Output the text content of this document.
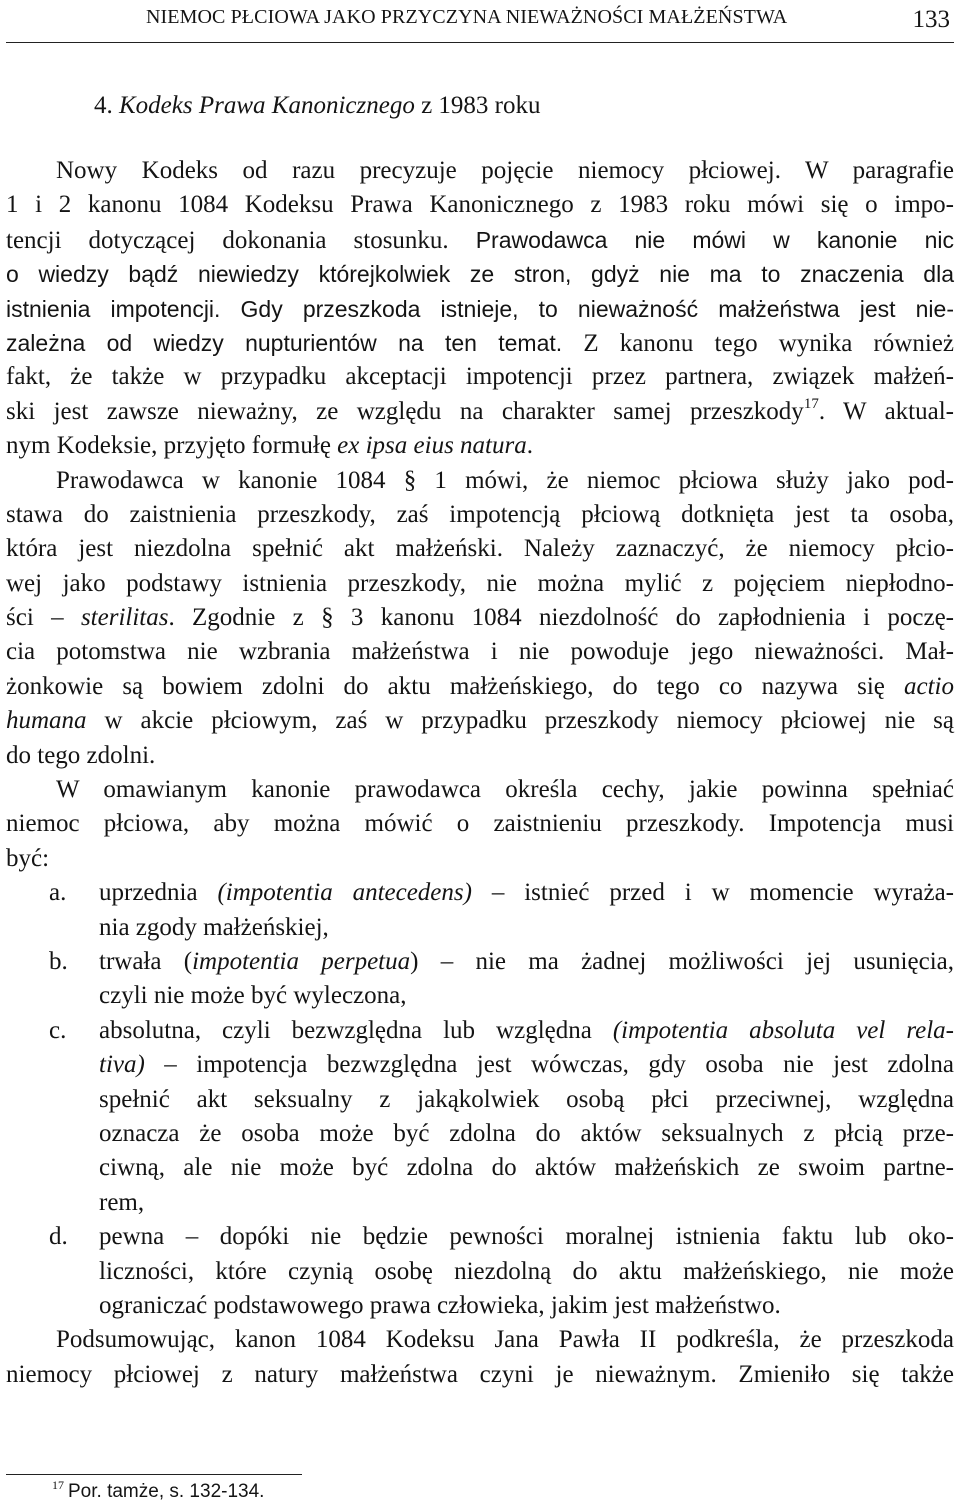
NIEMOC PŁCIOWA JAKO PRZYCZYNA NIEWAŻNOŚCI MAŁŻEŃSTWA	133
4. Kodeks Prawa Kanonicznego z 1983 roku
Nowy Kodeks od razu precyzuje pojęcie niemocy płciowej. W paragrafie
1 i 2 kanonu 1084 Kodeksu Prawa Kanonicznego z 1983 roku mówi się o impo-
tencji dotyczącej dokonania stosunku. Prawodawca nie mówi w kanonie nic
o wiedzy bądź niewiedzy którejkolwiek ze stron, gdyż nie ma to znaczenia dla
istnienia impotencji. Gdy przeszkoda istnieje, to nieważność małżeństwa jest nie-
zależna od wiedzy nupturientów na ten temat. Z kanonu tego wynika również
fakt, że także w przypadku akceptacji impotencji przez partnera, związek małżeń-
ski jest zawsze nieważny, ze względu na charakter samej przeszkody$^{17}$. W aktual-
nym Kodeksie, przyjęto formułę ex ipsa eius natura.
Prawodawca w kanonie 1084 § 1 mówi, że niemoc płciowa służy jako pod-
stawa do zaistnienia przeszkody, zaś impotencją płciową dotknięta jest ta osoba,
która jest niezdolna spełnić akt małżeński. Należy zaznaczyć, że niemocy płcio-
wej jako podstawy istnienia przeszkody, nie można mylić z pojęciem niepłodno-
ści – sterilitas. Zgodnie z § 3 kanonu 1084 niezdolność do zapłodnienia i poczę-
cia potomstwa nie wzbrania małżeństwa i nie powoduje jego nieważności. Mał-
żonkowie są bowiem zdolni do aktu małżeńskiego, do tego co nazywa się actio
humana w akcie płciowym, zaś w przypadku przeszkody niemocy płciowej nie są
do tego zdolni.
W omawianym kanonie prawodawca określa cechy, jakie powinna spełniać
niemoc płciowa, aby można mówić o zaistnieniu przeszkody. Impotencja musi
być:
a. uprzednia (impotentia antecedens) – istnieć przed i w momencie wyraża-
nia zgody małżeńskiej,
b. trwała (impotentia perpetua) – nie ma żadnej możliwości jej usunięcia,
czyli nie może być wyleczona,
c. absolutna, czyli bezwzględna lub względna (impotentia absoluta vel rela-
tiva) – impotencja bezwzględna jest wówczas, gdy osoba nie jest zdolna
spełnić akt seksualny z jakąkolwiek osobą płci przeciwnej, względna
oznacza że osoba może być zdolna do aktów seksualnych z płcią prze-
ciwną, ale nie może być zdolna do aktów małżeńskich ze swoim partne-
rem,
d. pewna – dopóki nie będzie pewności moralnej istnienia faktu lub oko-
liczności, które czynią osobę niezdolną do aktu małżeńskiego, nie może
ograniczać podstawowego prawa człowieka, jakim jest małżeństwo.
Podsumowując, kanon 1084 Kodeksu Jana Pawła II podkreśla, że przeszkoda
niemocy płciowej z natury małżeństwa czyni je nieważnym. Zmieniło się także
$^{17}$ Por. tamże, s. 132-134.
